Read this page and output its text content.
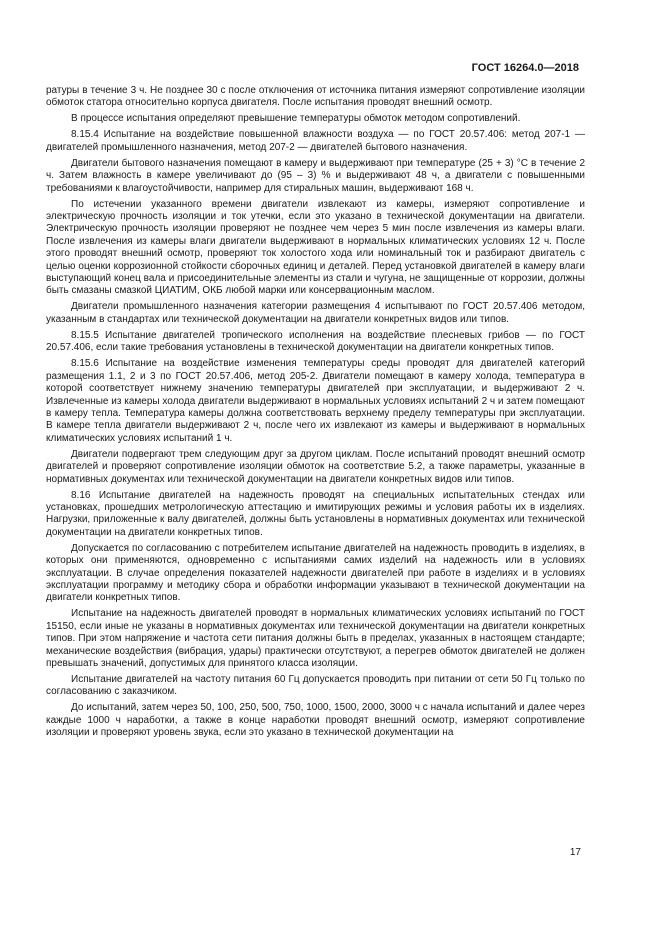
ГОСТ 16264.0—2018

ратуры в течение 3 ч. Не позднее 30 с после отключения от источника питания измеряют сопротивление изоляции обмоток статора относительно корпуса двигателя. После испытания проводят внешний осмотр.

В процессе испытания определяют превышение температуры обмоток методом сопротивлений.

8.15.4 Испытание на воздействие повышенной влажности воздуха — по ГОСТ 20.57.406: метод 207-1 — двигателей промышленного назначения, метод 207-2 — двигателей бытового назначения.

Двигатели бытового назначения помещают в камеру и выдерживают при температуре (25 + 3) °С в течение 2 ч. Затем влажность в камере увеличивают до (95 – 3) % и выдерживают 48 ч, а двигатели с повышенными требованиями к влагоустойчивости, например для стиральных машин, выдерживают 168 ч.

По истечении указанного времени двигатели извлекают из камеры, измеряют сопротивление и электрическую прочность изоляции и ток утечки, если это указано в технической документации на двигатели. Электрическую прочность изоляции проверяют не позднее чем через 5 мин после извлечения из камеры влаги. После извлечения из камеры влаги двигатели выдерживают в нормальных климатических условиях 12 ч. После этого проводят внешний осмотр, проверяют ток холостого хода или номинальный ток и разбирают двигатель с целью оценки коррозионной стойкости сборочных единиц и деталей. Перед установкой двигателей в камеру влаги выступающий конец вала и присоединительные элементы из стали и чугуна, не защищенные от коррозии, должны быть смазаны смазкой ЦИАТИМ, ОКБ любой марки или консервационным маслом.

Двигатели промышленного назначения категории размещения 4 испытывают по ГОСТ 20.57.406 методом, указанным в стандартах или технической документации на двигатели конкретных видов или типов.

8.15.5 Испытание двигателей тропического исполнения на воздействие плесневых грибов — по ГОСТ 20.57.406, если такие требования установлены в технической документации на двигатели конкретных типов.

8.15.6 Испытание на воздействие изменения температуры среды проводят для двигателей категорий размещения 1.1, 2 и 3 по ГОСТ 20.57.406, метод 205-2. Двигатели помещают в камеру холода, температура в которой соответствует нижнему значению температуры двигателей при эксплуатации, и выдерживают 2 ч. Извлеченные из камеры холода двигатели выдерживают в нормальных условиях испытаний 2 ч и затем помещают в камеру тепла. Температура камеры должна соответствовать верхнему пределу температуры при эксплуатации. В камере тепла двигатели выдерживают 2 ч, после чего их извлекают из камеры и выдерживают в нормальных климатических условиях испытаний 1 ч.

Двигатели подвергают трем следующим друг за другом циклам. После испытаний проводят внешний осмотр двигателей и проверяют сопротивление изоляции обмоток на соответствие 5.2, а также параметры, указанные в нормативных документах или технической документации на двигатели конкретных видов или типов.

8.16 Испытание двигателей на надежность проводят на специальных испытательных стендах или установках, прошедших метрологическую аттестацию и имитирующих режимы и условия работы их в изделиях. Нагрузки, приложенные к валу двигателей, должны быть установлены в нормативных документах или технической документации на двигатели конкретных типов.

Допускается по согласованию с потребителем испытание двигателей на надежность проводить в изделиях, в которых они применяются, одновременно с испытаниями самих изделий на надежность или в условиях эксплуатации. В случае определения показателей надежности двигателей при работе в изделиях и в условиях эксплуатации программу и методику сбора и обработки информации указывают в технической документации на двигатели конкретных типов.

Испытание на надежность двигателей проводят в нормальных климатических условиях испытаний по ГОСТ 15150, если иные не указаны в нормативных документах или технической документации на двигатели конкретных типов. При этом напряжение и частота сети питания должны быть в пределах, указанных в настоящем стандарте; механические воздействия (вибрация, удары) практически отсутствуют, а перегрев обмоток двигателей не должен превышать значений, допустимых для принятого класса изоляции.

Испытание двигателей на частоту питания 60 Гц допускается проводить при питании от сети 50 Гц только по согласованию с заказчиком.

До испытаний, затем через 50, 100, 250, 500, 750, 1000, 1500, 2000, 3000 ч с начала испытаний и далее через каждые 1000 ч наработки, а также в конце наработки проводят внешний осмотр, измеряют сопротивление изоляции и проверяют уровень звука, если это указано в технической документации на

17
